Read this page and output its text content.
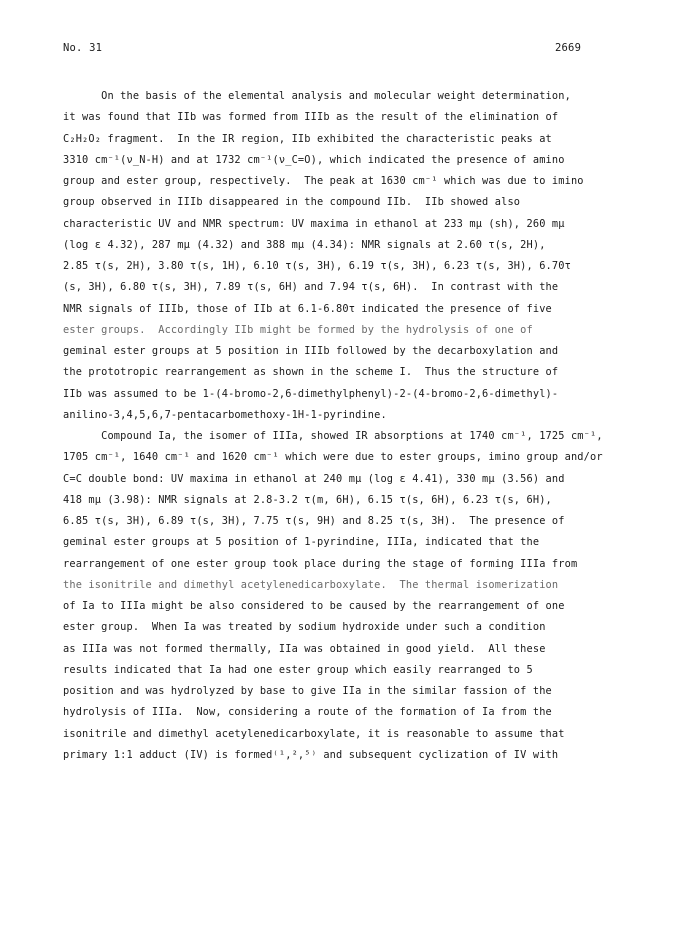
No. 31	2669
On the basis of the elemental analysis and molecular weight determination,
it was found that IIb was formed from IIIb as the result of the elimination of
C₂H₂O₂ fragment.  In the IR region, IIb exhibited the characteristic peaks at
3310 cm⁻¹(ν_N-H) and at 1732 cm⁻¹(ν_C=O), which indicated the presence of amino
group and ester group, respectively.  The peak at 1630 cm⁻¹ which was due to imino
group observed in IIIb disappeared in the compound IIb.  IIb showed also
characteristic UV and NMR spectrum: UV maxima in ethanol at 233 mμ (sh), 260 mμ
(log ε 4.32), 287 mμ (4.32) and 388 mμ (4.34): NMR signals at 2.60 τ(s, 2H),
2.85 τ(s, 2H), 3.80 τ(s, 1H), 6.10 τ(s, 3H), 6.19 τ(s, 3H), 6.23 τ(s, 3H), 6.70τ
(s, 3H), 6.80 τ(s, 3H), 7.89 τ(s, 6H) and 7.94 τ(s, 6H).  In contrast with the
NMR signals of IIIb, those of IIb at 6.1-6.80τ indicated the presence of five
ester groups.  Accordingly IIb might be formed by the hydrolysis of one of
geminal ester groups at 5 position in IIIb followed by the decarboxylation and
the prototropic rearrangement as shown in the scheme I.  Thus the structure of
IIb was assumed to be 1-(4-bromo-2,6-dimethylphenyl)-2-(4-bromo-2,6-dimethyl)-
anilino-3,4,5,6,7-pentacarbomethoxy-1H-1-pyrindine.
Compound Ia, the isomer of IIIa, showed IR absorptions at 1740 cm⁻¹, 1725 cm⁻¹,
1705 cm⁻¹, 1640 cm⁻¹ and 1620 cm⁻¹ which were due to ester groups, imino group and/or
C=C double bond: UV maxima in ethanol at 240 mμ (log ε 4.41), 330 mμ (3.56) and
418 mμ (3.98): NMR signals at 2.8-3.2 τ(m, 6H), 6.15 τ(s, 6H), 6.23 τ(s, 6H),
6.85 τ(s, 3H), 6.89 τ(s, 3H), 7.75 τ(s, 9H) and 8.25 τ(s, 3H).  The presence of
geminal ester groups at 5 position of 1-pyrindine, IIIa, indicated that the
rearrangement of one ester group took place during the stage of forming IIIa from
the isonitrile and dimethyl acetylenedicarboxylate.  The thermal isomerization
of Ia to IIIa might be also considered to be caused by the rearrangement of one
ester group.  When Ia was treated by sodium hydroxide under such a condition
as IIIa was not formed thermally, IIa was obtained in good yield.  All these
results indicated that Ia had one ester group which easily rearranged to 5
position and was hydrolyzed by base to give IIa in the similar fassion of the
hydrolysis of IIIa.  Now, considering a route of the formation of Ia from the
isonitrile and dimethyl acetylenedicarboxylate, it is reasonable to assume that
primary 1:1 adduct (IV) is formed⁽¹,²,⁵⁾ and subsequent cyclization of IV with
